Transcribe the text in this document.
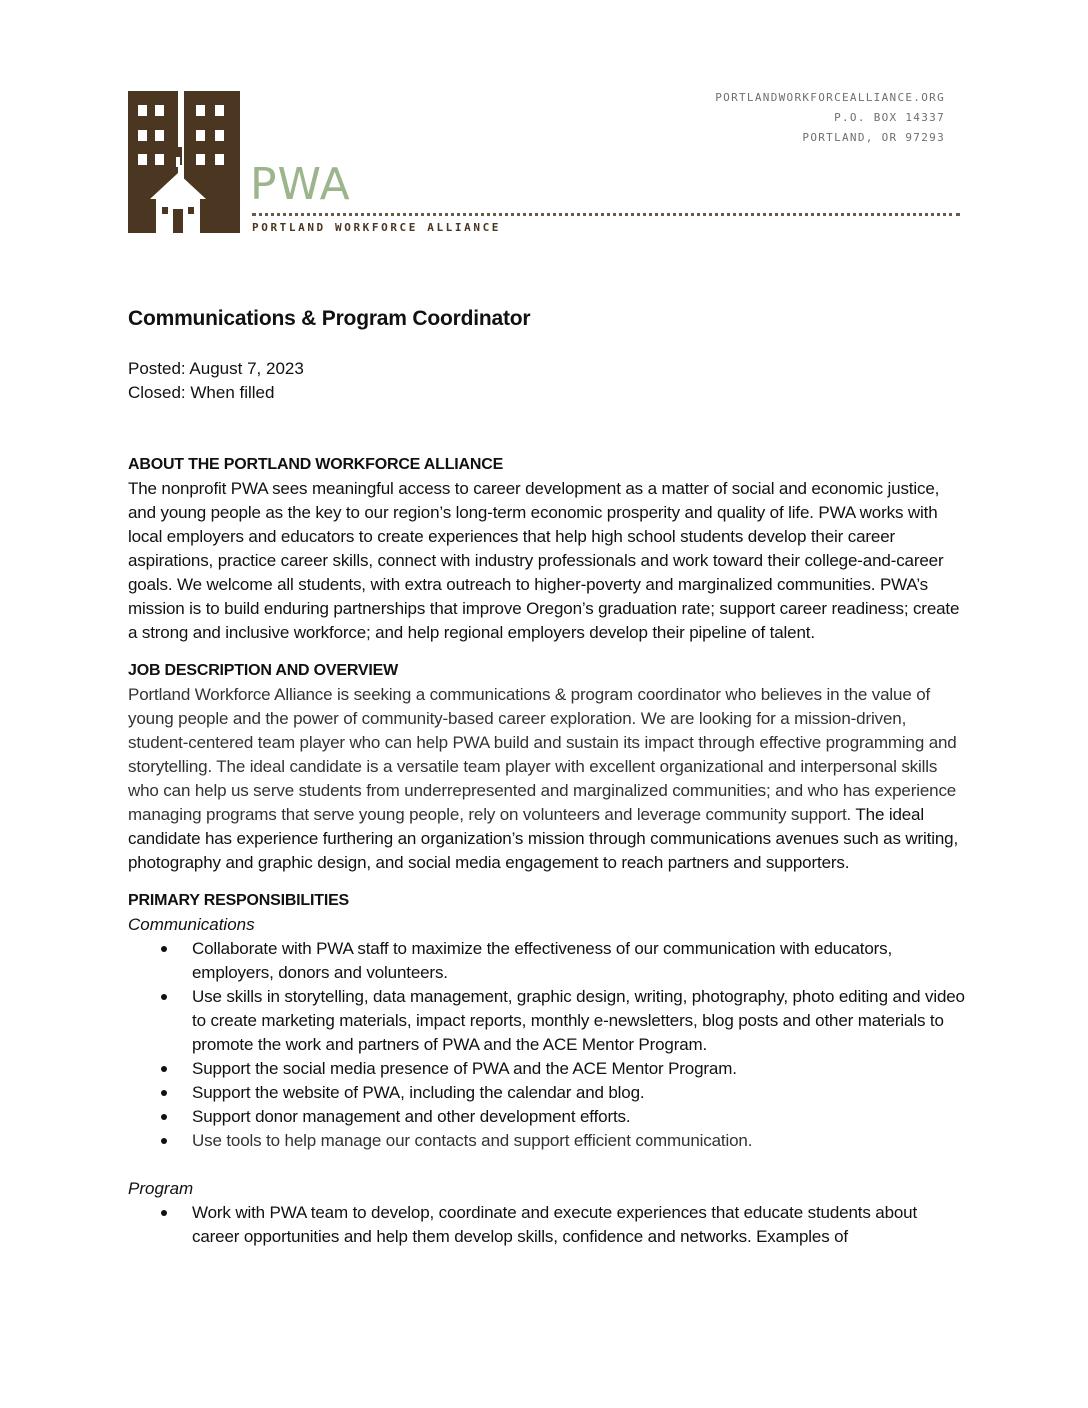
PWA
PORTLAND WORKFORCE ALLIANCE
PORTLANDWORKFORCEALLIANCE.ORG
P.O. BOX 14337
PORTLAND, OR 97293
Communications & Program Coordinator
Posted: August 7, 2023
Closed: When filled
ABOUT THE PORTLAND WORKFORCE ALLIANCE

The nonprofit PWA sees meaningful access to career development as a matter of social and economic justice, and young people as the key to our region’s long-term economic prosperity and quality of life. PWA works with local employers and educators to create experiences that help high school students develop their career aspirations, practice career skills, connect with industry professionals and work toward their college-and-career goals. We welcome all students, with extra outreach to higher-poverty and marginalized communities. PWA’s mission is to build enduring partnerships that improve Oregon’s graduation rate; support career readiness; create a strong and inclusive workforce; and help regional employers develop their pipeline of talent.

JOB DESCRIPTION AND OVERVIEW

Portland Workforce Alliance is seeking a communications & program coordinator who believes in the value of young people and the power of community-based career exploration. We are looking for a mission-driven, student-centered team player who can help PWA build and sustain its impact through effective programming and storytelling. The ideal candidate is a versatile team player with excellent organizational and interpersonal skills who can help us serve students from underrepresented and marginalized communities; and who has experience managing programs that serve young people, rely on volunteers and leverage community support. The ideal candidate has experience furthering an organization’s mission through communications avenues such as writing, photography and graphic design, and social media engagement to reach partners and supporters.

PRIMARY RESPONSIBILITIES
Communications
Collaborate with PWA staff to maximize the effectiveness of our communication with educators, employers, donors and volunteers.
Use skills in storytelling, data management, graphic design, writing, photography, photo editing and video to create marketing materials, impact reports, monthly e-newsletters, blog posts and other materials to promote the work and partners of PWA and the ACE Mentor Program.
Support the social media presence of PWA and the ACE Mentor Program.
Support the website of PWA, including the calendar and blog.
Support donor management and other development efforts.
Use tools to help manage our contacts and support efficient communication.
Program
Work with PWA team to develop, coordinate and execute experiences that educate students about career opportunities and help them develop skills, confidence and networks. Examples of
